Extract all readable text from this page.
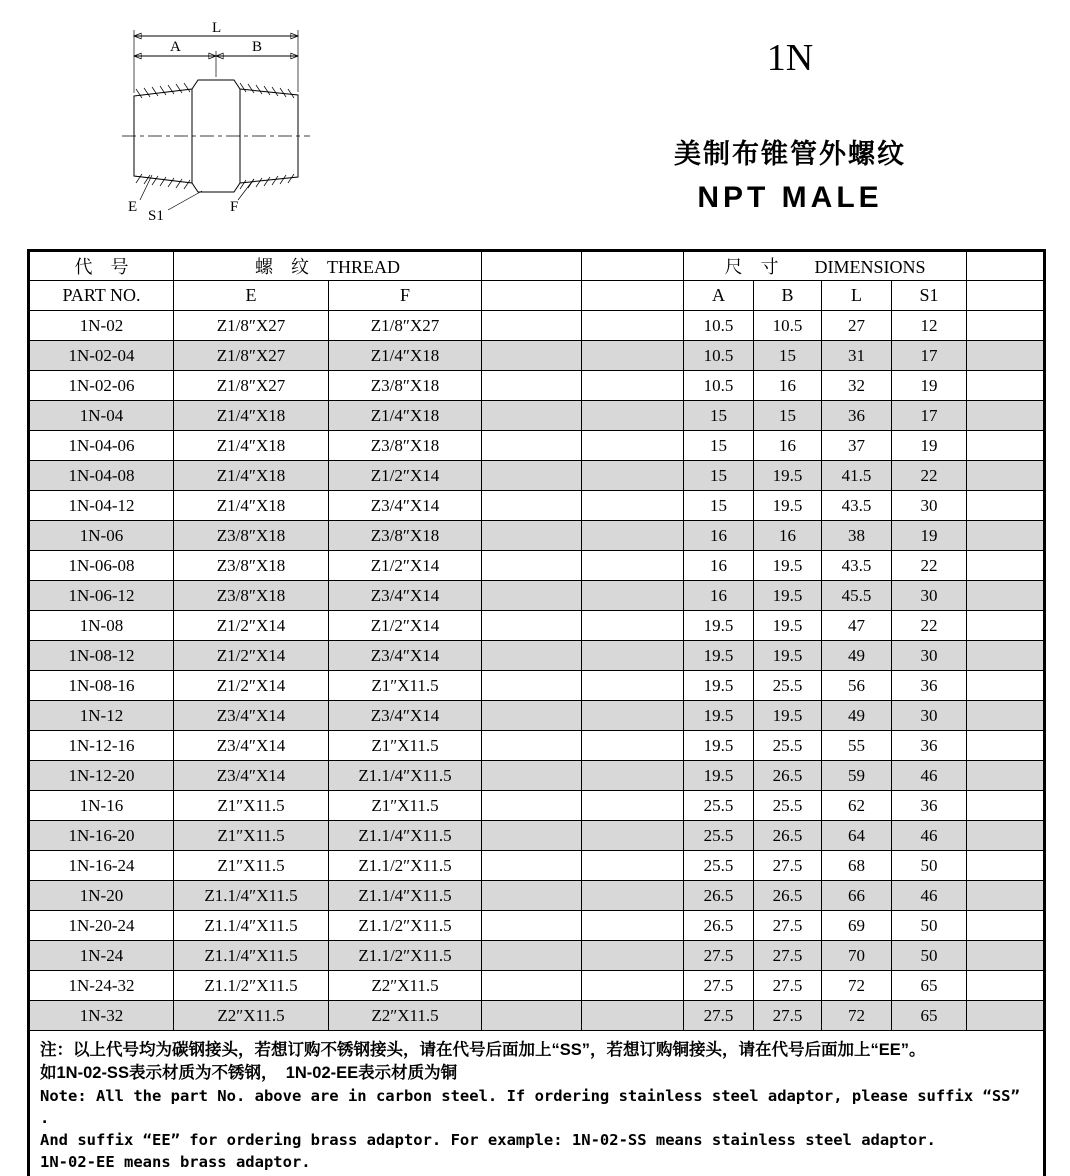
L
A	B
E
S1
F
1N
美制布锥管外螺纹
NPT MALE
代　号	螺　纹　THREAD				尺　寸　　DIMENSIONS				
PART NO.	E	F			A	B	L	S1	
1N-02	Z1/8″X27	Z1/8″X27			10.5	10.5	27	12	
1N-02-04	Z1/8″X27	Z1/4″X18			10.5	15	31	17	
1N-02-06	Z1/8″X27	Z3/8″X18			10.5	16	32	19	
1N-04	Z1/4″X18	Z1/4″X18			15	15	36	17	
1N-04-06	Z1/4″X18	Z3/8″X18			15	16	37	19	
1N-04-08	Z1/4″X18	Z1/2″X14			15	19.5	41.5	22	
1N-04-12	Z1/4″X18	Z3/4″X14			15	19.5	43.5	30	
1N-06	Z3/8″X18	Z3/8″X18			16	16	38	19	
1N-06-08	Z3/8″X18	Z1/2″X14			16	19.5	43.5	22	
1N-06-12	Z3/8″X18	Z3/4″X14			16	19.5	45.5	30	
1N-08	Z1/2″X14	Z1/2″X14			19.5	19.5	47	22	
1N-08-12	Z1/2″X14	Z3/4″X14			19.5	19.5	49	30	
1N-08-16	Z1/2″X14	Z1″X11.5			19.5	25.5	56	36	
1N-12	Z3/4″X14	Z3/4″X14			19.5	19.5	49	30	
1N-12-16	Z3/4″X14	Z1″X11.5			19.5	25.5	55	36	
1N-12-20	Z3/4″X14	Z1.1/4″X11.5			19.5	26.5	59	46	
1N-16	Z1″X11.5	Z1″X11.5			25.5	25.5	62	36	
1N-16-20	Z1″X11.5	Z1.1/4″X11.5			25.5	26.5	64	46	
1N-16-24	Z1″X11.5	Z1.1/2″X11.5			25.5	27.5	68	50	
1N-20	Z1.1/4″X11.5	Z1.1/4″X11.5			26.5	26.5	66	46	
1N-20-24	Z1.1/4″X11.5	Z1.1/2″X11.5			26.5	27.5	69	50	
1N-24	Z1.1/4″X11.5	Z1.1/2″X11.5			27.5	27.5	70	50	
1N-24-32	Z1.1/2″X11.5	Z2″X11.5			27.5	27.5	72	65	
1N-32	Z2″X11.5	Z2″X11.5			27.5	27.5	72	65	

注：以上代号均为碳钢接头，若想订购不锈钢接头，请在代号后面加上“SS”，若想订购铜接头，请在代号后面加上“EE”。
如1N-02-SS表示材质为不锈钢，　1N-02-EE表示材质为铜
Note: All the part No. above are in carbon steel. If ordering stainless steel adaptor, please suffix “SS” .
And suffix “EE” for ordering brass adaptor. For example: 1N-02-SS means stainless steel adaptor.
1N-02-EE means brass adaptor.									
